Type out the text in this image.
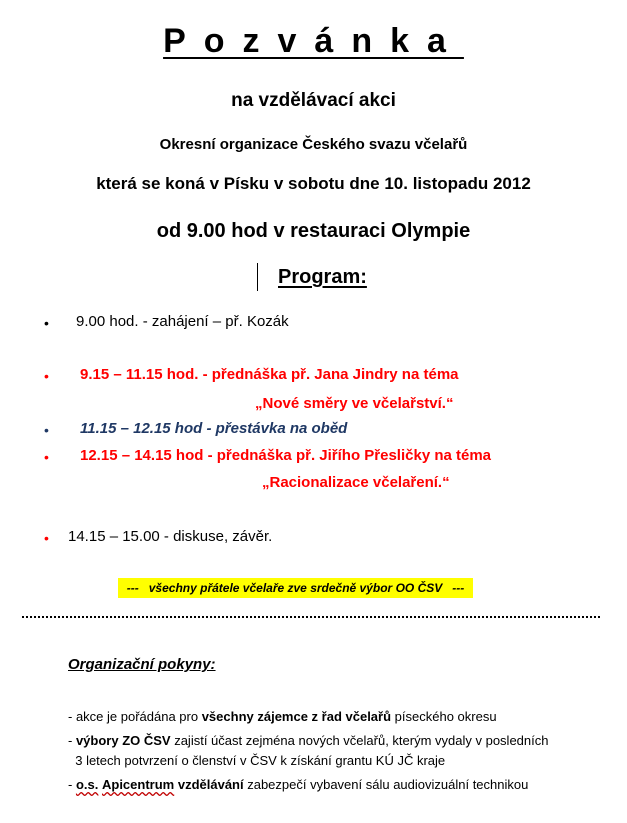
Pozvánka
na vzdělávací akci
Okresní organizace Českého svazu včelařů
která se koná v Písku v sobotu dne 10. listopadu 2012
od 9.00 hod v restauraci Olympie
Program:
• 9.00 hod. - zahájení – př. Kozák
• 9.15 – 11.15 hod. - přednáška př. Jana Jindry na téma
„Nové směry ve včelařství.“
• 11.15 – 12.15 hod - přestávka na oběd
• 12.15 – 14.15 hod - přednáška př. Jiřího Přesličky na téma
„Racionalizace včelaření.“
• 14.15 – 15.00 - diskuse, závěr.
---   všechny přátele včelaře zve srdečně výbor OO ČSV   ---
Organizační pokyny:
- akce je pořádána pro všechny zájemce z řad včelařů píseckého okresu
- výbory ZO ČSV zajistí účast zejména nových včelařů, kterým vydaly v posledních
3 letech potvrzení o členství v ČSV k získání grantu KÚ JČ kraje
- o.s. Apicentrum vzdělávání zabezpečí vybavení sálu audiovizuální technikou
